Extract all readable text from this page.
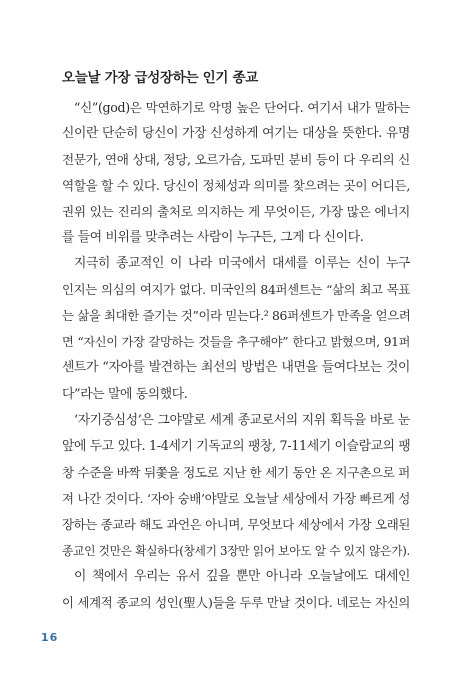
오늘날 가장 급성장하는 인기 종교
“신”(god)은 막연하기로 악명 높은 단어다. 여기서 내가 말하는
신이란 단순히 당신이 가장 신성하게 여기는 대상을 뜻한다. 유명
전문가, 연애 상대, 정당, 오르가슴, 도파민 분비 등이 다 우리의 신
역할을 할 수 있다. 당신이 정체성과 의미를 찾으려는 곳이 어디든,
권위 있는 진리의 출처로 의지하는 게 무엇이든, 가장 많은 에너지
를 들여 비위를 맞추려는 사람이 누구든, 그게 다 신이다.
지극히 종교적인 이 나라 미국에서 대세를 이루는 신이 누구
인지는 의심의 여지가 없다. 미국인의 84퍼센트는 “삶의 최고 목표
는 삶을 최대한 즐기는 것”이라 믿는다.² 86퍼센트가 만족을 얻으려
면 “자신이 가장 갈망하는 것들을 추구해야” 한다고 밝혔으며, 91퍼
센트가 “자아를 발견하는 최선의 방법은 내면을 들여다보는 것이
다”라는 말에 동의했다.
‘자기중심성’은 그야말로 세계 종교로서의 지위 획득을 바로 눈
앞에 두고 있다. 1-4세기 기독교의 팽창, 7-11세기 이슬람교의 팽
창 수준을 바짝 뒤쫓을 정도로 지난 한 세기 동안 온 지구촌으로 퍼
져 나간 것이다. ‘자아 숭배’야말로 오늘날 세상에서 가장 빠르게 성
장하는 종교라 해도 과언은 아니며, 무엇보다 세상에서 가장 오래된
종교인 것만은 확실하다(창세기 3장만 읽어 보아도 알 수 있지 않은가).
이 책에서 우리는 유서 깊을 뿐만 아니라 오늘날에도 대세인
이 세계적 종교의 성인(聖人)들을 두루 만날 것이다. 네로는 자신의
16
